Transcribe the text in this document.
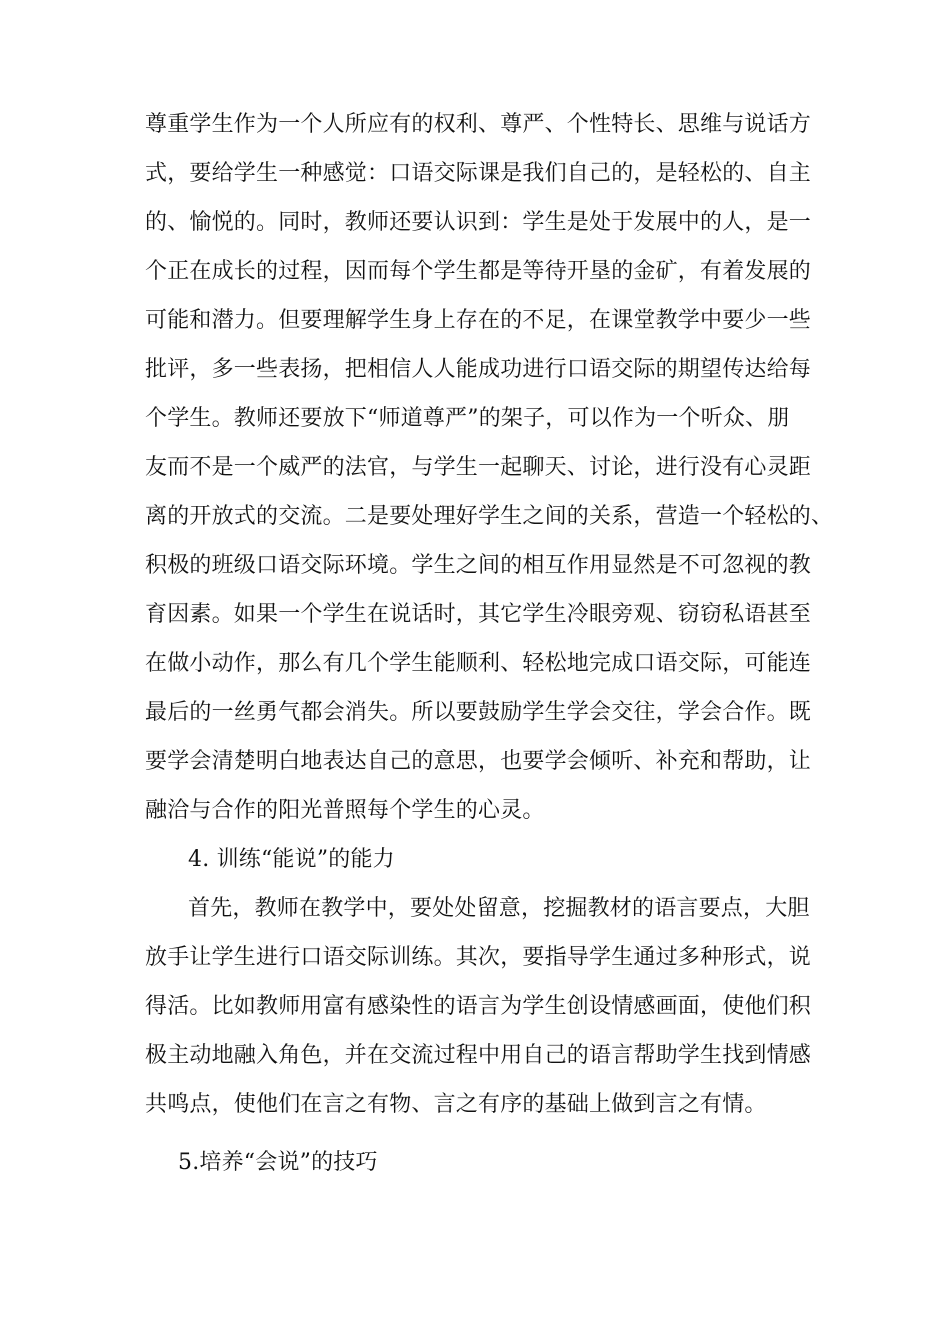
尊重学生作为一个人所应有的权利、尊严、个性特长、思维与说话方
式，要给学生一种感觉：口语交际课是我们自己的，是轻松的、自主
的、愉悦的。同时，教师还要认识到：学生是处于发展中的人，是一
个正在成长的过程，因而每个学生都是等待开垦的金矿，有着发展的
可能和潜力。但要理解学生身上存在的不足，在课堂教学中要少一些
批评，多一些表扬，把相信人人能成功进行口语交际的期望传达给每
个学生。教师还要放下“师道尊严”的架子，可以作为一个听众、朋
友而不是一个威严的法官，与学生一起聊天、讨论，进行没有心灵距
离的开放式的交流。二是要处理好学生之间的关系，营造一个轻松的、
积极的班级口语交际环境。学生之间的相互作用显然是不可忽视的教
育因素。如果一个学生在说话时，其它学生冷眼旁观、窃窃私语甚至
在做小动作，那么有几个学生能顺利、轻松地完成口语交际，可能连
最后的一丝勇气都会消失。所以要鼓励学生学会交往，学会合作。既
要学会清楚明白地表达自己的意思，也要学会倾听、补充和帮助，让
融洽与合作的阳光普照每个学生的心灵。
4. 训练“能说”的能力
首先，教师在教学中，要处处留意，挖掘教材的语言要点，大胆
放手让学生进行口语交际训练。其次，要指导学生通过多种形式，说
得活。比如教师用富有感染性的语言为学生创设情感画面，使他们积
极主动地融入角色，并在交流过程中用自己的语言帮助学生找到情感
共鸣点，使他们在言之有物、言之有序的基础上做到言之有情。
5.培养“会说”的技巧
